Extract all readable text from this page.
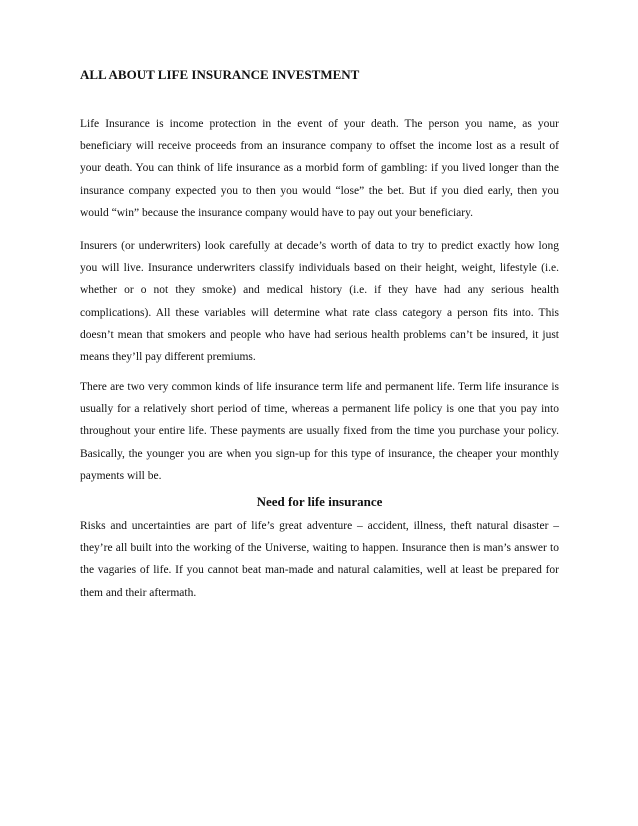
ALL ABOUT LIFE INSURANCE INVESTMENT

Life Insurance is income protection in the event of your death. The person you name, as your beneficiary will receive proceeds from an insurance company to offset the income lost as a result of your death. You can think of life insurance as a morbid form of gambling: if you lived longer than the insurance company expected you to then you would “lose” the bet. But if you died early, then you would “win” because the insurance company would have to pay out your beneficiary.

Insurers (or underwriters) look carefully at decade’s worth of data to try to predict exactly how long you will live. Insurance underwriters classify individuals based on their height, weight, lifestyle (i.e. whether or o not they smoke) and medical history (i.e. if they have had any serious health complications). All these variables will determine what rate class category a person fits into. This doesn’t mean that smokers and people who have had serious health problems can’t be insured, it just means they’ll pay different premiums.

There are two very common kinds of life insurance term life and permanent life. Term life insurance is usually for a relatively short period of time, whereas a permanent life policy is one that you pay into throughout your entire life. These payments are usually fixed from the time you purchase your policy. Basically, the younger you are when you sign-up for this type of insurance, the cheaper your monthly payments will be.

Need for life insurance

Risks and uncertainties are part of life’s great adventure – accident, illness, theft natural disaster – they’re all built into the working of the Universe, waiting to happen. Insurance then is man’s answer to the vagaries of life. If you cannot beat man-made and natural calamities, well at least be prepared for them and their aftermath.
